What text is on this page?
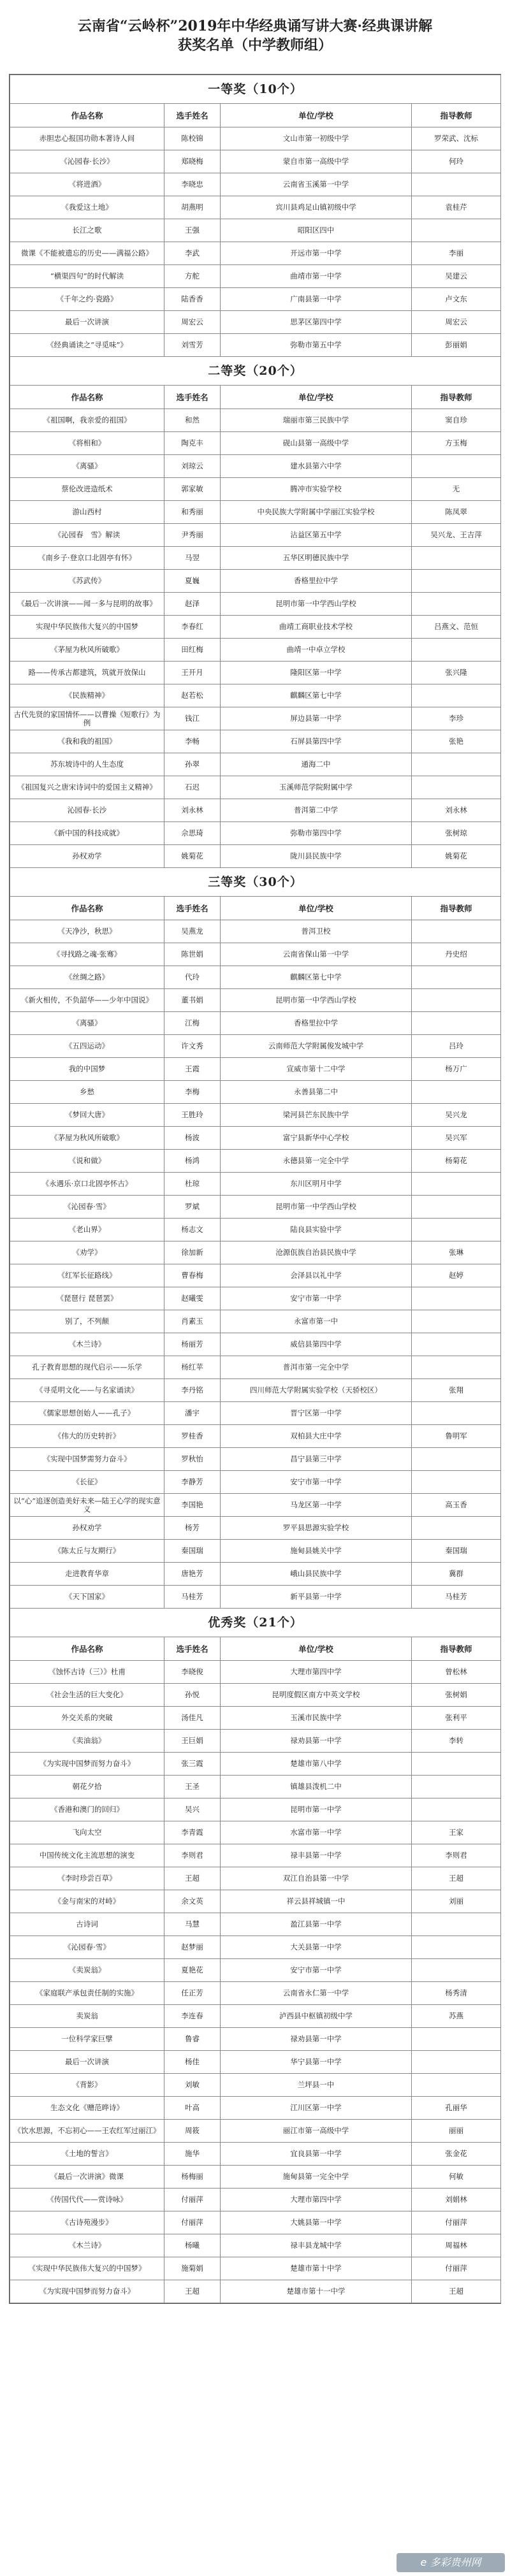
云南省“云岭杯”2019年中华经典诵写讲大赛·经典课讲解
获奖名单（中学教师组）
一等奖（10个）			
作品名称	选手姓名	单位/学校	指导教师
赤胆忠心报国功勋本著诗人间	陈校锦	文山市第一初级中学	罗荣武、沈标
《沁园春·长沙》	郑晓梅	蒙自市第一高级中学	何玲
《将进酒》	李晓忠	云南省玉溪第一中学	
《我爱这土地》	胡燕明	宾川县鸡足山镇初级中学	袁桂芹
长江之歌	王强	昭阳区四中	
微课《不能被遗忘的历史——满福公路》	李武	开远市第一中学	李丽
“横渠四句”的时代解读	方舵	曲靖市第一中学	吴建云
《千年之约·瓷路》	陆香香	广南县第一中学	卢文东
最后一次讲演	周宏云	思茅区第四中学	周宏云
《经典诵读之“寻觅味”》	刘雪芳	弥勒市第五中学	彭丽娟
二等奖（20个）			
作品名称	选手姓名	单位/学校	指导教师
《祖国啊，我亲爱的祖国》	和然	瑞丽市第三民族中学	窦自珍
《将相和》	陶克丰	砚山县第一高级中学	方玉梅
《离骚》	刘琼云	建水县第六中学	
蔡伦改进造纸术	郭家敏	腾冲市实验学校	无
游山西村	和秀丽	中央民族大学附属中学丽江实验学校	陈凤翠
《沁园春　雪》解读	尹秀丽	沾益区第五中学	吴兴龙、王吉萍
《南乡子·登京口北固亭有怀》	马翌	五华区明德民族中学	
《苏武传》	夏巍	香格里拉中学	
《最后一次讲演——闻一多与昆明的故事》	赵泽	昆明市第一中学西山学校	
实现中华民族伟大复兴的中国梦	李春红	曲靖工商职业技术学校	吕燕文、范恒
《茅屋为秋风所破歌》	田红梅	曲靖一中卓立学校	
路——传承古都建筑，筑就开放保山	王开月	隆阳区第一中学	张兴隆
《民族精神》	赵若松	麒麟区第七中学	
古代先贤的家国情怀——以曹操《短歌行》为例	钱江	屏边县第一中学	李珍
《我和我的祖国》	李畅	石屏县第四中学	张艳
苏东坡诗中的人生态度	孙翠	通海二中	
《祖国复兴之唐宋诗词中的爱国主义精神》	石迟	玉溪师范学院附属中学	
沁园春·长沙	刘永林	普洱第二中学	刘永林
《新中国的科技成就》	佘思琦	弥勒市第四中学	张树琼
孙权劝学	姚菊花	陇川县民族中学	姚菊花
三等奖（30个）			
作品名称	选手姓名	单位/学校	指导教师
《天净沙，秋思》	吴燕龙	普洱卫校	
《寻找路之魂·张骞》	陈世娟	云南省保山第一中学	丹史绍
《丝绸之路》	代玲	麒麟区第七中学	
《新火相传，不负韶华——少年中国说》	董书娟	昆明市第一中学西山学校	
《离骚》	江梅	香格里拉中学	
《五四运动》	许文秀	云南师范大学附属俊发城中学	吕玲
我的中国梦	王霞	宣威市第十二中学	杨万广
乡愁	李梅	永善县第二中	
《梦回大唐》	王胜玲	梁河县芒东民族中学	吴兴龙
《茅屋为秋风所破歌》	杨波	富宁县新华中心学校	吴兴军
《说和做》	杨鸿	永德县第一完全中学	杨菊花
《永遇乐·京口北固亭怀古》	杜琼	东川区明月中学	
《沁园春·雪》	罗斌	昆明市第一中学西山学校	
《老山界》	杨志文	陆良县实验中学	
《劝学》	徐加新	沧源佤族自治县民族中学	张琳
《红军长征路线》	曹春梅	会泽县以礼中学	赵婷
《琵琶行 琵琶罢》	赵曦雯	安宁市第一中学	
别了，不列颠	肖素玉	永富市第一中	
《木兰诗》	杨丽芳	威信县第四中学	
孔子教育思想的现代启示——乐学	杨红苹	普洱市第一完全中学	
《寻觅明文化——与名家诵读》	李丹铭	四川师范大学附属实验学校（天骄校区）	张翔
《儒家思想创始人——孔子》	潘宇	晋宁区第一中学	
《伟大的历史转折》	罗桂香	双柏县大庄中学	鲁明军
《实现中国梦需努力奋斗》	罗秋怡	昌宁县第三中学	
《长征》	李静芳	安宁市第一中学	
以“心”追逐创造美好未来—陆王心学的现实意义	李国艳	马龙区第一中学	高玉香
孙权劝学	杨芳	罗平县思源实验学校	
《陈太丘与友期行》	秦国瑞	施甸县姚关中学	秦国瑞
走进教育华章	唐艳芳	峨山县民族中学	冀群
《天下国家》	马桂芳	新平县第一中学	马桂芳
优秀奖（21个）			
作品名称	选手姓名	单位/学校	指导教师
《蚀怀古诗（三）》杜甫	李晓俊	大理市第四中学	曾松林
《社会生活的巨大变化》	孙悦	昆明度假区南方中英文学校	张树娟
外交关系的突破	汤佳凡	玉溪市民族中学	张利平
《卖油翁》	王巨娟	禄劝县第一中学	李转
《为实现中国梦而努力奋斗》	张三霞	楚雄市第八中学	
朝花夕拾	王圣	镇雄县泼机二中	
《香港和澳门的回归》	吴兴	昆明市第一中学	
飞向太空	李青霞	水富市第一中学	王家
中国传统文化主流思想的演变	李则君	禄丰县第一中学	李则君
《李时珍尝百草》	王超	双江自治县第一中学	王超
《金与南宋的对峙》	余文英	祥云县祥城镇一中	刘丽
古诗词	马慧	盈江县第一中学	
《沁园春·雪》	赵梦丽	大关县第一中学	
《卖炭翁》	夏艳花	安宁市第一中学	
《家庭联产承包责任制的实施》	任正芳	云南省永仁第一中学	杨秀清
卖炭翁	李连春	泸西县中枢镇初级中学	苏燕
一位科学家巨擘	鲁睿	禄劝县第一中学	
最后一次讲演	杨佳	华宁县第一中学	
《背影》	刘敏	兰坪县一中	
生态文化《赠范晔诗》	叶高	江川区第一中学	孔丽华
《饮水思源，不忘初心——王农红军过丽江》	周筱	丽江市第一高级中学	丽丽
《土地的誓言》	施华	宜良县第一中学	张金花
《最后一次讲演》微课	杨梅丽	施甸县第一完全中学	何敏
《传国代代——赏诗咏》	付丽萍	大理市第四中学	刘娟林
《古诗苑漫步》	付丽萍	大姚县第一中学	付丽萍
《木兰诗》	杨曦	禄丰县龙城中学	周福林
《实现中华民族伟大复兴的中国梦》	施菊娟	楚雄市第十中学	付丽萍
《为实现中国梦而努力奋斗》	王超	楚雄市第十一中学	王超
e 多彩贵州网
